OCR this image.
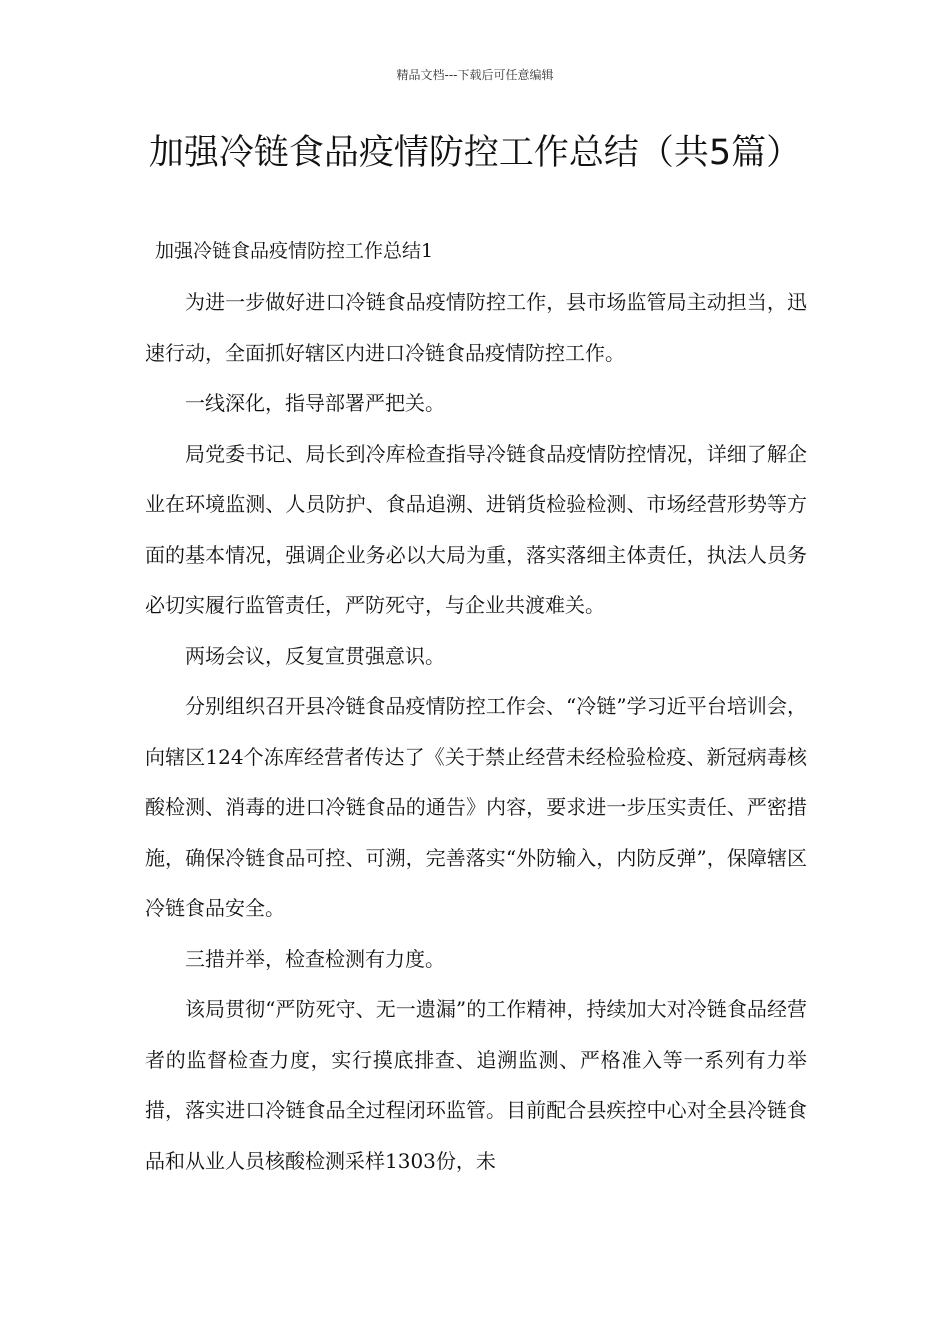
精品文档---下载后可任意编辑
加强冷链食品疫情防控工作总结（共5篇）
加强冷链食品疫情防控工作总结1

为进一步做好进口冷链食品疫情防控工作，县市场监管局主动担当，迅速行动，全面抓好辖区内进口冷链食品疫情防控工作。

一线深化，指导部署严把关。

局党委书记、局长到冷库检查指导冷链食品疫情防控情况，详细了解企业在环境监测、人员防护、食品追溯、进销货检验检测、市场经营形势等方面的基本情况，强调企业务必以大局为重，落实落细主体责任，执法人员务必切实履行监管责任，严防死守，与企业共渡难关。

两场会议，反复宣贯强意识。

分别组织召开县冷链食品疫情防控工作会、“冷链”学习近平台培训会，向辖区124个冻库经营者传达了《关于禁止经营未经检验检疫、新冠病毒核酸检测、消毒的进口冷链食品的通告》内容，要求进一步压实责任、严密措施，确保冷链食品可控、可溯，完善落实“外防输入，内防反弹”，保障辖区冷链食品安全。

三措并举，检查检测有力度。

该局贯彻“严防死守、无一遗漏”的工作精神，持续加大对冷链食品经营者的监督检查力度，实行摸底排查、追溯监测、严格准入等一系列有力举措，落实进口冷链食品全过程闭环监管。目前配合县疾控中心对全县冷链食品和从业人员核酸检测采样1303份，未
